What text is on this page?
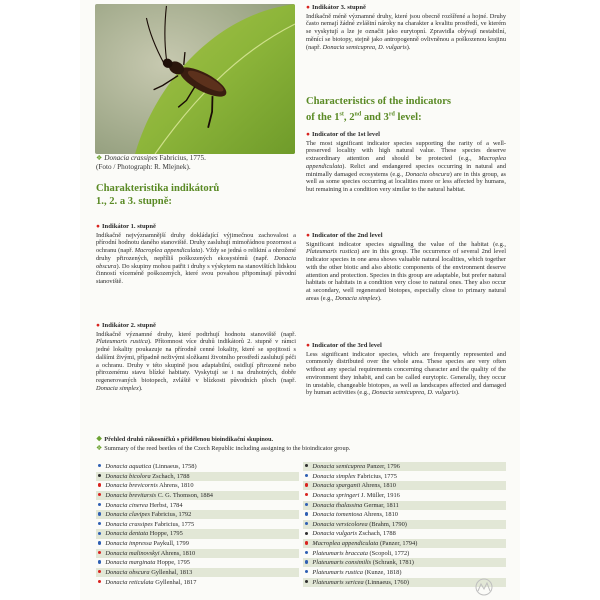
❖ Donacia crassipes Fabricius, 1775.
(Foto / Photograph: R. Mlejnek).
Charakteristika indikátorů
1., 2. a 3. stupně:
Characteristics of the indicators
of the 1st, 2nd and 3rd level:
● Indikátor 1. stupně

Indikačně nejvýznamnější druhy dokládající výjimečnou zachovalost a přírodní hodnotu daného stanoviště. Druhy zasluhují mimořádnou pozornost a ochranu (např. Macroplea appendiculata). Vždy se jedná o reliktní a ohrožené druhy přirozených, nepříliš poškozených ekosystémů (např. Donacia obscura). Do skupiny mohou patřit i druhy s výskytem na stanovištích lidskou činností víceméně poškozených, které svou povahou připomínají původní stanoviště.

● Indikátor 2. stupně

Indikačně významné druhy, které podtrhují hodnotu stanoviště (např. Plateumaris rustica). Přítomnost více druhů indikátorů 2. stupně v rámci jedné lokality poukazuje na přírodně cenné lokality, které se spojitostí s dalšími živými, případně neživými složkami životního prostředí zasluhují péči a ochranu. Druhy v této skupině jsou adaptabilní, osidlují přirozené nebo přirozenému stavu blízké habitaty. Vyskytují se i na druhotných, dobře regenerovaných biotopech, zvláště v blízkosti původních ploch (např. Donacia simplex).

● Indikátor 3. stupně

Indikačně méně významné druhy, které jsou obecně rozšířené a hojné. Druhy často nemají žádné zvláštní nároky na charakter a kvalitu prostředí, ve kterém se vyskytují a lze je označit jako eurytopní. Zpravidla obývají nestabilní, měnící se biotopy, stejně jako antropogenně ovlivněnou a poškozenou krajinu (např. Donacia semicuprea, D. vulgaris).

● Indicator of the 1st level

The most significant indicator species supporting the rarity of a well-preserved locality with high natural value. These species deserve extraordinary attention and should be protected (e.g., Macroplea appendiculata). Relict and endangered species occurring in natural and minimally damaged ecosystems (e.g., Donacia obscura) are in this group, as well as some species occurring at localities more or less affected by humans, but remaining in a condition very similar to the natural habitat.

● Indicator of the 2nd level

Significant indicator species signalling the value of the habitat (e.g., Plateumaris rustica) are in this group. The occurrence of several 2nd level indicator species in one area shows valuable natural localities, which together with the other biotic and also abiotic components of the environment deserve attention and protection. Species in this group are adaptable, but prefer natural habitats or habitats in a condition very close to natural ones. They also occur at secondary, well regenerated biotopes, especially close to primary natural areas (e.g., Donacia simplex).

● Indicator of the 3rd level

Less significant indicator species, which are frequently represented and commonly distributed over the whole area. These species are very often without any special requirements concerning character and the quality of the environment they inhabit, and can be called eurytopic. Generally, they occur in unstable, changeable biotopes, as well as landscapes affected and damaged by human activities (e.g., Donacia semicuprea, D. vulgaris).

❖ Přehled druhů rákosníčků s přidělenou bioindikační skupinou.
❖ Summary of the reed beetles of the Czech Republic including assigning to the bioindicator group.
Donacia aquatica (Linnaeus, 1758)
Donacia bicolora Zschach, 1788
Donacia brevicornis Ahrens, 1810
Donacia brevitarsis C. G. Thomson, 1884
Donacia cinerea Herbst, 1784
Donacia clavipes Fabricius, 1792
Donacia crassipes Fabricius, 1775
Donacia dentata Hoppe, 1795
Donacia impressa Paykull, 1799
Donacia malinovskyi Ahrens, 1810
Donacia marginata Hoppe, 1795
Donacia obscura Gyllenhal, 1813
Donacia reticulata Gyllenhal, 1817
Donacia semicuprea Panzer, 1796
Donacia simplex Fabricius, 1775
Donacia sparganii Ahrens, 1810
Donacia springeri J. Müller, 1916
Donacia thalassina Germar, 1811
Donacia tomentosa Ahrens, 1810
Donacia versicolorea (Brahm, 1790)
Donacia vulgaris Zschach, 1788
Macroplea appendiculata (Panzer, 1794)
Plateumaris braccata (Scopoli, 1772)
Plateumaris consimilis (Schrank, 1781)
Plateumaris rustica (Kunze, 1818)
Plateumaris sericea (Linnaeus, 1760)
